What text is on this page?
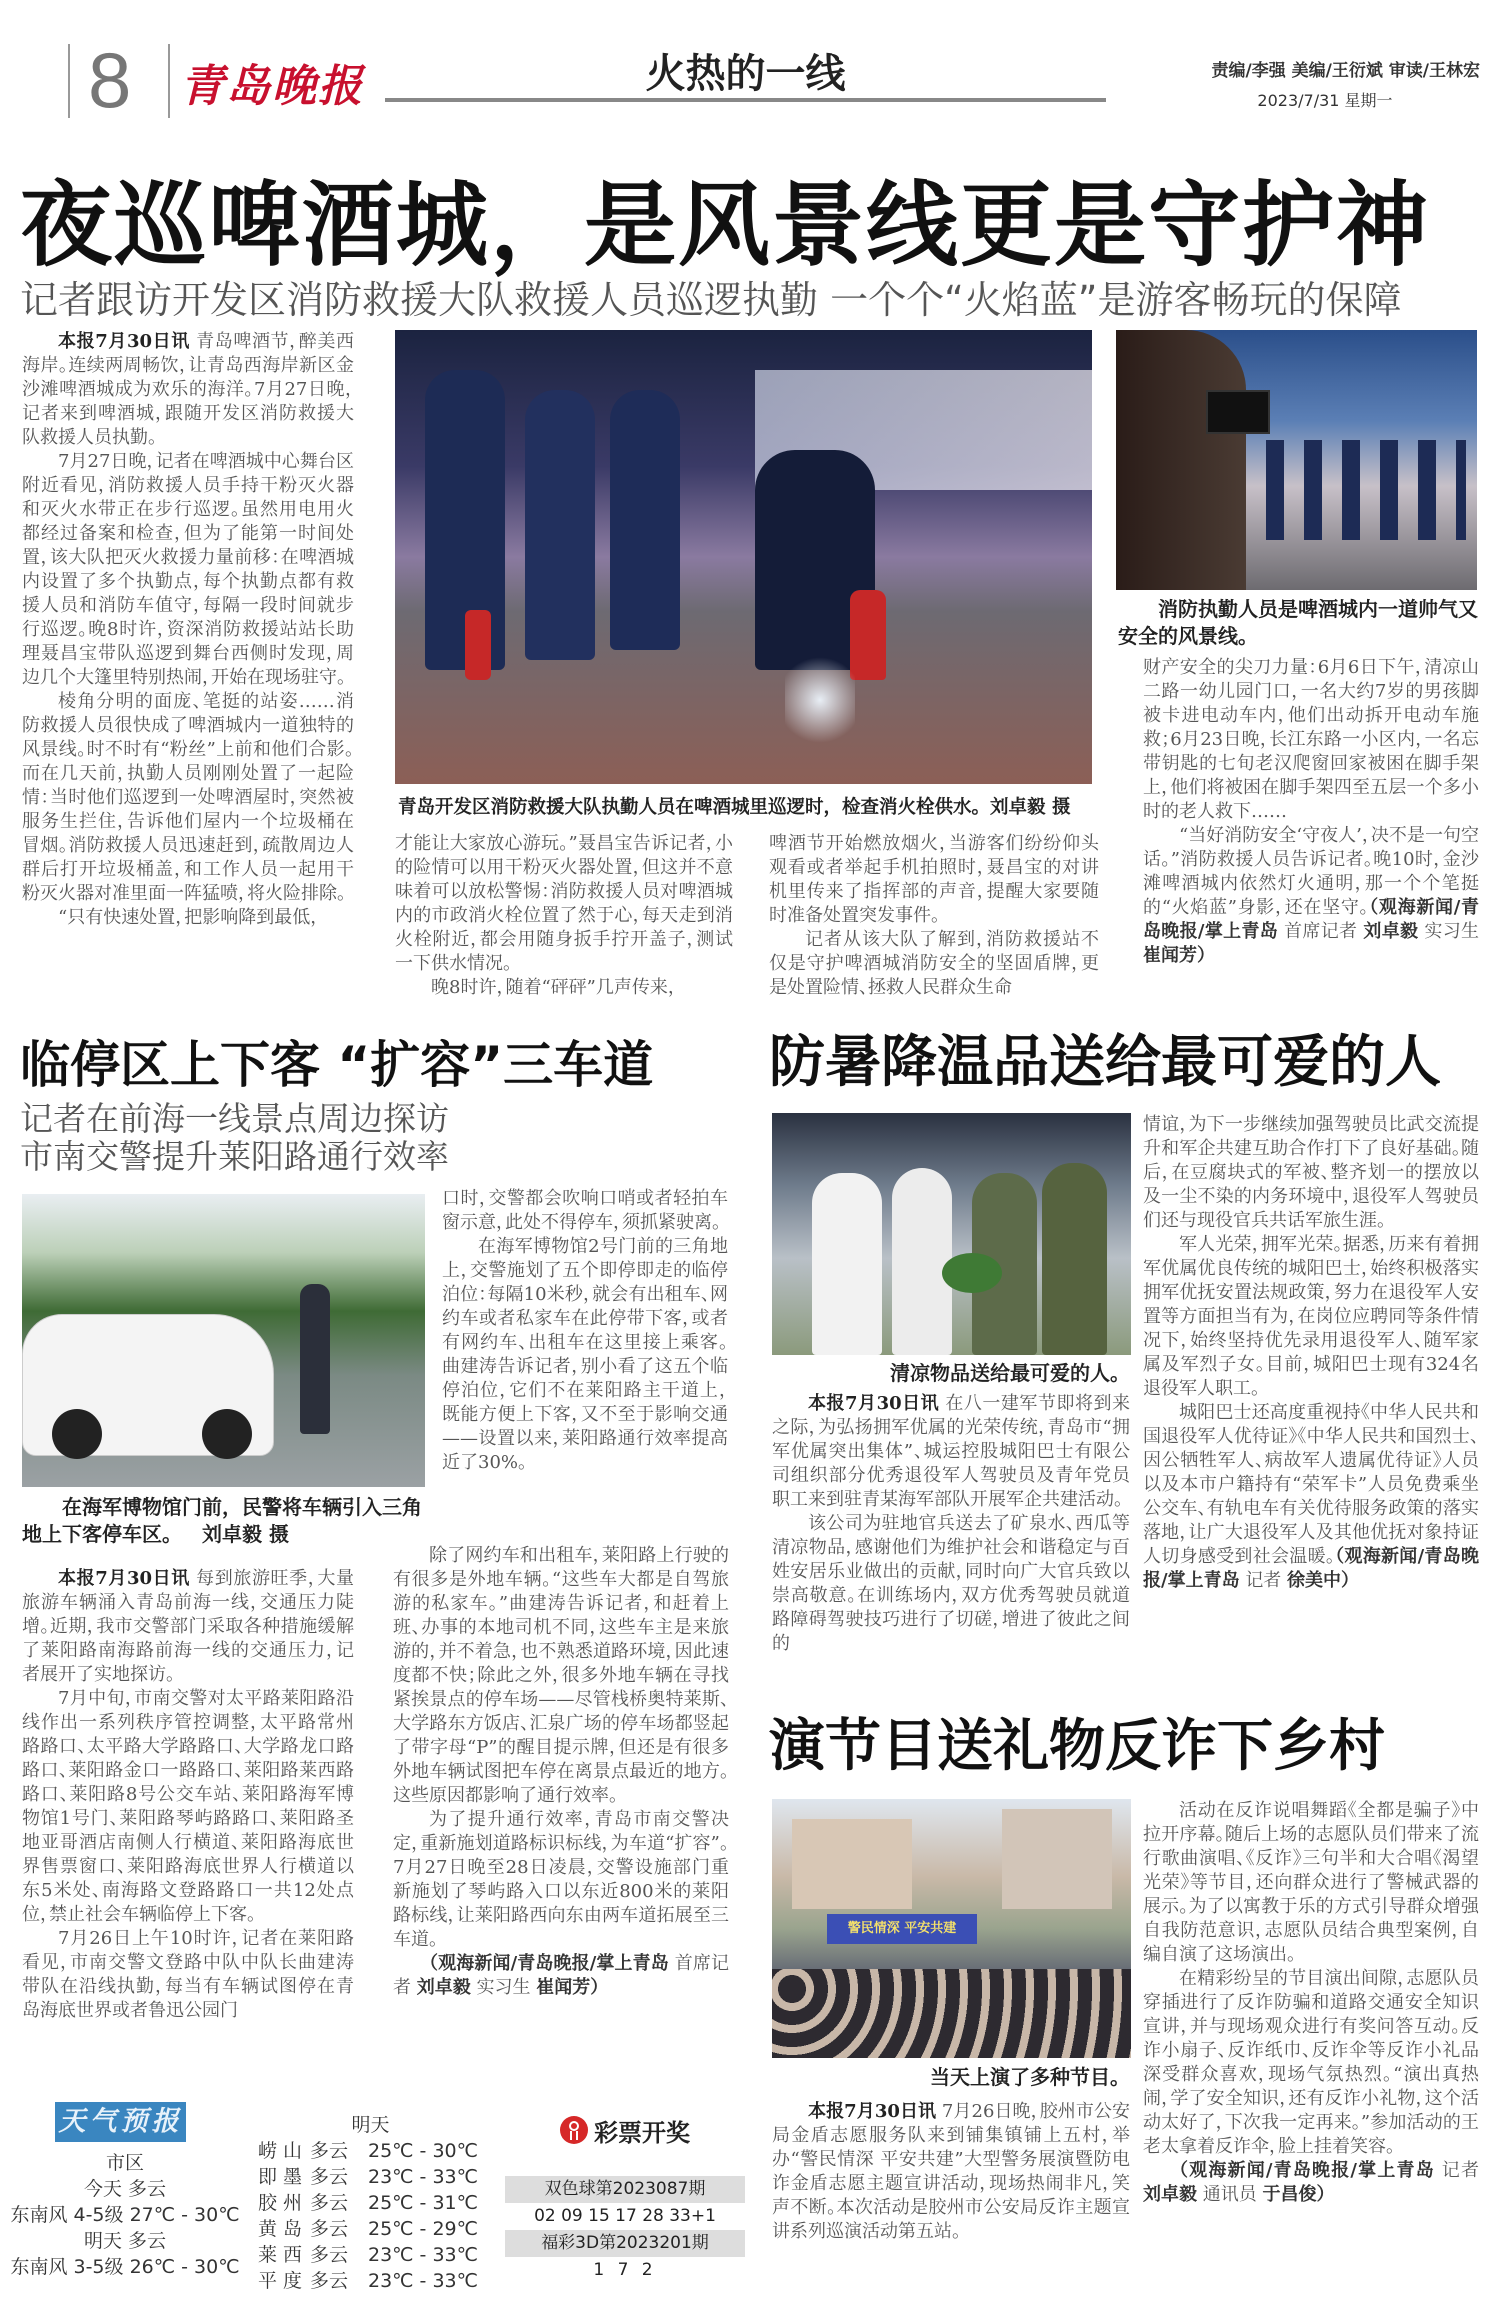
8 青岛晚报	火热的一线	责编/李强 美编/王衍斌 审读/王林宏
2023/7/31 星期一
夜巡啤酒城，是风景线更是守护神
记者跟访开发区消防救援大队救援人员巡逻执勤 一个个“火焰蓝”是游客畅玩的保障

本报7月30日讯 青岛啤酒节，醉美西海岸。连续两周畅饮，让青岛西海岸新区金沙滩啤酒城成为欢乐的海洋。7月27日晚，记者来到啤酒城，跟随开发区消防救援大队救援人员执勤。

7月27日晚，记者在啤酒城中心舞台区附近看见，消防救援人员手持干粉灭火器和灭火水带正在步行巡逻。虽然用电用火都经过备案和检查，但为了能第一时间处置，该大队把灭火救援力量前移：在啤酒城内设置了多个执勤点，每个执勤点都有救援人员和消防车值守，每隔一段时间就步行巡逻。晚8时许，资深消防救援站站长助理聂昌宝带队巡逻到舞台西侧时发现，周边几个大篷里特别热闹，开始在现场驻守。

棱角分明的面庞、笔挺的站姿……消防救援人员很快成了啤酒城内一道独特的风景线。时不时有“粉丝”上前和他们合影。而在几天前，执勤人员刚刚处置了一起险情：当时他们巡逻到一处啤酒屋时，突然被服务生拦住，告诉他们屋内一个垃圾桶在冒烟。消防救援人员迅速赶到，疏散周边人群后打开垃圾桶盖，和工作人员一起用干粉灭火器对准里面一阵猛喷，将火险排除。

“只有快速处置，把影响降到最低，

青岛开发区消防救援大队执勤人员在啤酒城里巡逻时，检查消火栓供水。刘卓毅 摄

才能让大家放心游玩。”聂昌宝告诉记者，小的险情可以用干粉灭火器处置，但这并不意味着可以放松警惕：消防救援人员对啤酒城内的市政消火栓位置了然于心，每天走到消火栓附近，都会用随身扳手拧开盖子，测试一下供水情况。

晚8时许，随着“砰砰”几声传来，

啤酒节开始燃放烟火，当游客们纷纷仰头观看或者举起手机拍照时，聂昌宝的对讲机里传来了指挥部的声音，提醒大家要随时准备处置突发事件。

记者从该大队了解到，消防救援站不仅是守护啤酒城消防安全的坚固盾牌，更是处置险情、拯救人民群众生命

消防执勤人员是啤酒城内一道帅气又安全的风景线。

财产安全的尖刀力量：6月6日下午，清凉山二路一幼儿园门口，一名大约7岁的男孩脚被卡进电动车内，他们出动拆开电动车施救；6月23日晚，长江东路一小区内，一名忘带钥匙的七旬老汉爬窗回家被困在脚手架上，他们将被困在脚手架四至五层一个多小时的老人救下……

“当好消防安全‘守夜人’，决不是一句空话。”消防救援人员告诉记者。晚10时，金沙滩啤酒城内依然灯火通明，那一个个笔挺的“火焰蓝”身影，还在坚守。（观海新闻/青岛晚报/掌上青岛 首席记者 刘卓毅 实习生 崔闻芳）

临停区上下客 “扩容”三车道
记者在前海一线景点周边探访
市南交警提升莱阳路通行效率
在海军博物馆门前，民警将车辆引入三角地上下客停车区。  刘卓毅 摄

本报7月30日讯 每到旅游旺季，大量旅游车辆涌入青岛前海一线，交通压力陡增。近期，我市交警部门采取各种措施缓解了莱阳路南海路前海一线的交通压力，记者展开了实地探访。

7月中旬，市南交警对太平路莱阳路沿线作出一系列秩序管控调整，太平路常州路路口、太平路大学路路口、大学路龙口路路口、莱阳路金口一路路口、莱阳路莱西路路口、莱阳路8号公交车站、莱阳路海军博物馆1号门、莱阳路琴屿路路口、莱阳路圣地亚哥酒店南侧人行横道、莱阳路海底世界售票窗口、莱阳路海底世界人行横道以东5米处、南海路文登路路口一共12处点位，禁止社会车辆临停上下客。

7月26日上午10时许，记者在莱阳路看见，市南交警文登路中队中队长曲建涛带队在沿线执勤，每当有车辆试图停在青岛海底世界或者鲁迅公园门

口时，交警都会吹响口哨或者轻拍车窗示意，此处不得停车，须抓紧驶离。

在海军博物馆2号门前的三角地上，交警施划了五个即停即走的临停泊位：每隔10米秒，就会有出租车、网约车或者私家车在此停带下客，或者有网约车、出租车在这里接上乘客。曲建涛告诉记者，别小看了这五个临停泊位，它们不在莱阳路主干道上，既能方便上下客，又不至于影响交通——设置以来，莱阳路通行效率提高近了30%。

除了网约车和出租车，莱阳路上行驶的有很多是外地车辆。“这些车大都是自驾旅游的私家车。”曲建涛告诉记者，和赶着上班、办事的本地司机不同，这些车主是来旅游的，并不着急，也不熟悉道路环境，因此速度都不快；除此之外，很多外地车辆在寻找紧挨景点的停车场——尽管栈桥奥特莱斯、大学路东方饭店、汇泉广场的停车场都竖起了带字母“P”的醒目提示牌，但还是有很多外地车辆试图把车停在离景点最近的地方。这些原因都影响了通行效率。

为了提升通行效率，青岛市南交警决定，重新施划道路标识标线，为车道“扩容”。7月27日晚至28日凌晨，交警设施部门重新施划了琴屿路入口以东近800米的莱阳路标线，让莱阳路西向东由两车道拓展至三车道。

（观海新闻/青岛晚报/掌上青岛 首席记者 刘卓毅 实习生 崔闻芳）

防暑降温品送给最可爱的人
清凉物品送给最可爱的人。

本报7月30日讯 在八一建军节即将到来之际，为弘扬拥军优属的光荣传统，青岛市“拥军优属突出集体”、城运控股城阳巴士有限公司组织部分优秀退役军人驾驶员及青年党员职工来到驻青某海军部队开展军企共建活动。

该公司为驻地官兵送去了矿泉水、西瓜等清凉物品，感谢他们为维护社会和谐稳定与百姓安居乐业做出的贡献，同时向广大官兵致以崇高敬意。在训练场内，双方优秀驾驶员就道路障碍驾驶技巧进行了切磋，增进了彼此之间的

情谊，为下一步继续加强驾驶员比武交流提升和军企共建互助合作打下了良好基础。随后，在豆腐块式的军被、整齐划一的摆放以及一尘不染的内务环境中，退役军人驾驶员们还与现役官兵共话军旅生涯。

军人光荣，拥军光荣。据悉，历来有着拥军优属优良传统的城阳巴士，始终积极落实拥军优抚安置法规政策，努力在退役军人安置等方面担当有为，在岗位应聘同等条件情况下，始终坚持优先录用退役军人、随军家属及军烈子女。目前，城阳巴士现有324名退役军人职工。

城阳巴士还高度重视持《中华人民共和国退役军人优待证》《中华人民共和国烈士、因公牺牲军人、病故军人遗属优待证》人员以及本市户籍持有“荣军卡”人员免费乘坐公交车、有轨电车有关优待服务政策的落实落地，让广大退役军人及其他优抚对象持证人切身感受到社会温暖。（观海新闻/青岛晚报/掌上青岛 记者 徐美中）

演节目送礼物反诈下乡村
警民情深 平安共建
当天上演了多种节目。

本报7月30日讯 7月26日晚，胶州市公安局金盾志愿服务队来到铺集镇铺上五村，举办“警民情深 平安共建”大型警务展演暨防电诈金盾志愿主题宣讲活动，现场热闹非凡，笑声不断。本次活动是胶州市公安局反诈主题宣讲系列巡演活动第五站。

活动在反诈说唱舞蹈《全都是骗子》中拉开序幕。随后上场的志愿队员们带来了流行歌曲演唱、《反诈》三句半和大合唱《渴望光荣》等节目，还向群众进行了警械武器的展示。为了以寓教于乐的方式引导群众增强自我防范意识，志愿队员结合典型案例，自编自演了这场演出。

在精彩纷呈的节目演出间隙，志愿队员穿插进行了反诈防骗和道路交通安全知识宣讲，并与现场观众进行有奖问答互动。反诈小扇子、反诈纸巾、反诈伞等反诈小礼品深受群众喜欢，现场气氛热烈。“演出真热闹，学了安全知识，还有反诈小礼物，这个活动太好了，下次我一定再来。”参加活动的王老太拿着反诈伞，脸上挂着笑容。

（观海新闻/青岛晚报/掌上青岛 记者 刘卓毅 通讯员 于昌俊）

天气预报
市区
今天 多云
东南风 4-5级 27℃ - 30℃
明天 多云
东南风 3-5级 26℃ - 30℃
明天
崂 山 多云	25℃ - 30℃
即 墨 多云	23℃ - 33℃
胶 州 多云	25℃ - 31℃
黄 岛 多云	25℃ - 29℃
莱 西 多云	23℃ - 33℃
平 度 多云	23℃ - 33℃
彩票开奖
双色球第2023087期
02 09 15 17 28 33+1
福彩3D第2023201期
1 7 2
